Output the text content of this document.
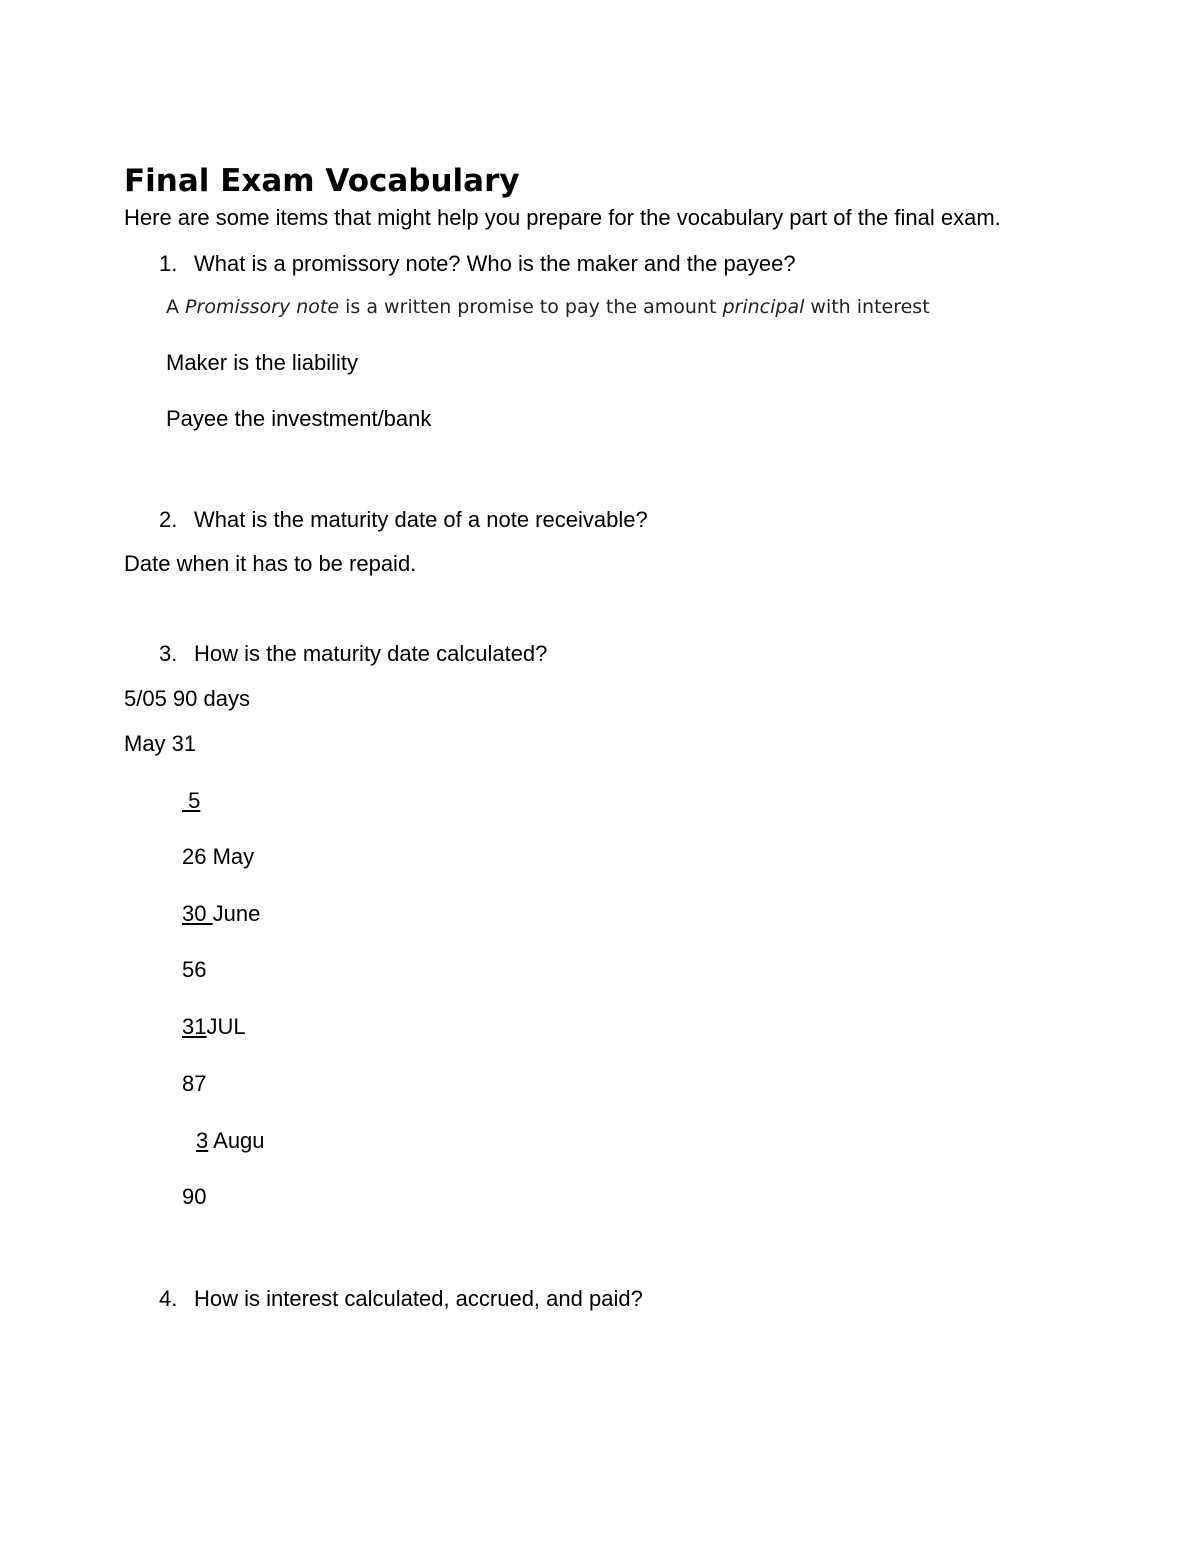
Final Exam Vocabulary

Here are some items that might help you prepare for the vocabulary part of the final exam.

1. What is a promissory note? Who is the maker and the payee?
A Promissory note is a written promise to pay the amount principal with interest

Maker is the liability

Payee the investment/bank

2. What is the maturity date of a note receivable?

Date when it has to be repaid.

3. How is the maturity date calculated?

5/05 90 days

May 31

5
26 May
30 June
56
31JUL
87
3 Augu
90
4. How is interest calculated, accrued, and paid?
